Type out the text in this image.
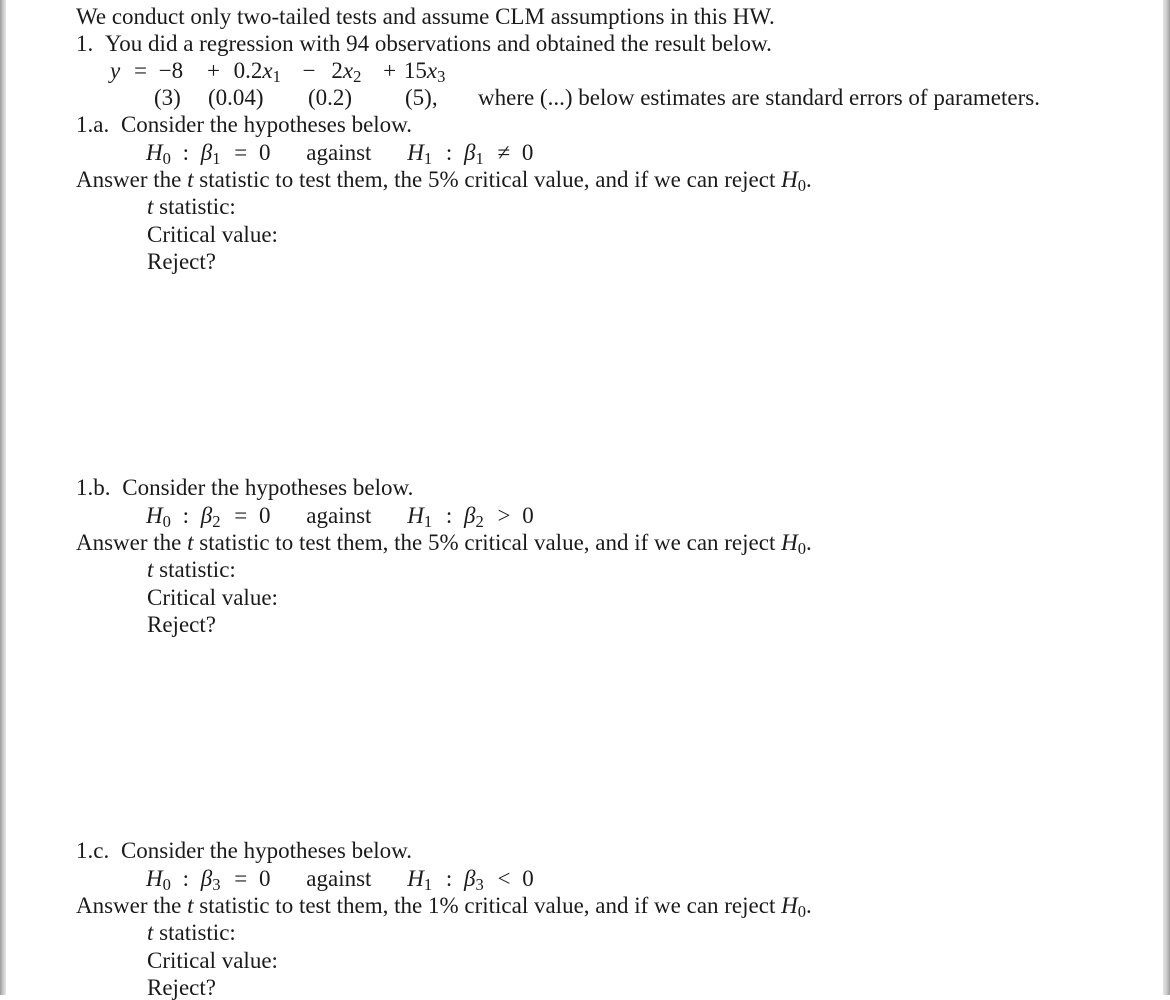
We conduct only two-tailed tests and assume CLM assumptions in this HW.
1. You did a regression with 94 observations and obtained the result below.
$y = -8 + 0.2x_1 - 2x_2 + 15x_3$
(3) (0.04) (0.2) (5), where (...) below estimates are standard errors of parameters.
1.a. Consider the hypotheses below.
$H_0$ : $\beta_1 = 0$ against $H_1$ : $\beta_1 \ne 0$
Answer the t statistic to test them, the 5% critical value, and if we can reject $H_0$.
t statistic:
Critical value:
Reject?
1.b. Consider the hypotheses below.
$H_0$ : $\beta_2 = 0$ against $H_1$ : $\beta_2 > 0$
Answer the t statistic to test them, the 5% critical value, and if we can reject $H_0$.
t statistic:
Critical value:
Reject?
1.c. Consider the hypotheses below.
$H_0$ : $\beta_3 = 0$ against $H_1$ : $\beta_3 < 0$
Answer the t statistic to test them, the 1% critical value, and if we can reject $H_0$.
t statistic:
Critical value:
Reject?
